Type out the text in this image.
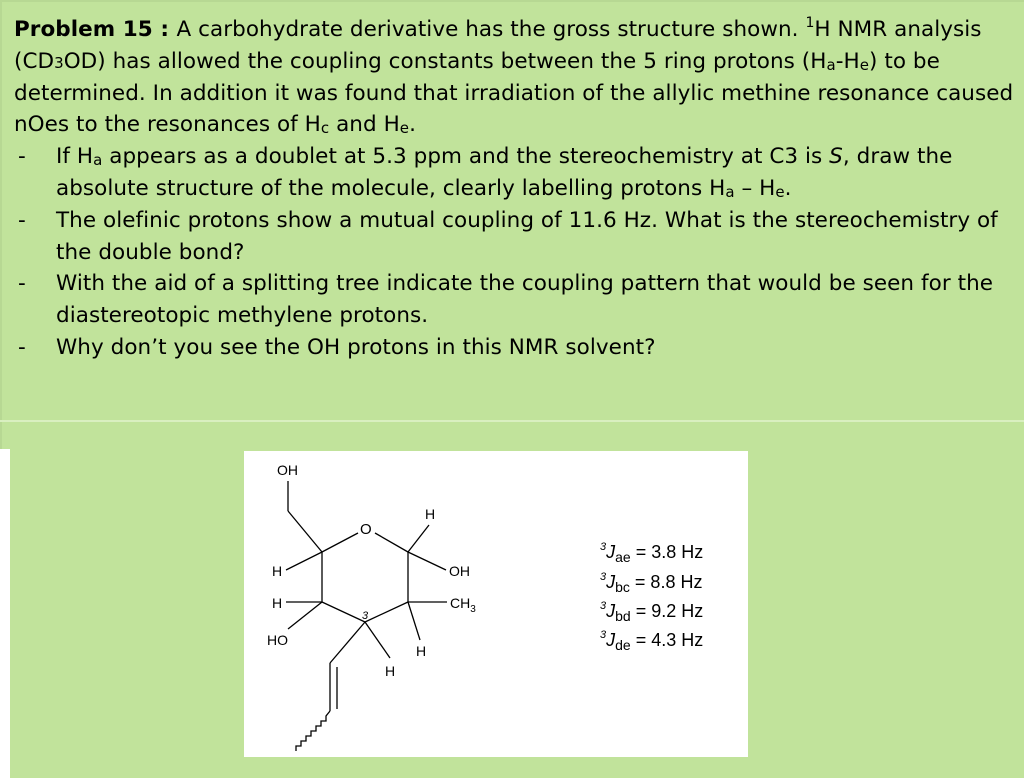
Problem 15 : A carbohydrate derivative has the gross structure shown. $^1$H NMR analysis (CD3OD) has allowed the coupling constants between the 5 ring protons $(H_a-H_e)$ to be determined. In addition it was found that irradiation of the allylic methine resonance caused nOes to the resonances of $H_c$ and $H_e$.

- If $H_a$ appears as a doublet at 5.3 ppm and the stereochemistry at C3 is S, draw the absolute structure of the molecule, clearly labelling protons $H_a - H_e$.
- The olefinic protons show a mutual coupling of 11.6 Hz. What is the stereochemistry of the double bond?
- With the aid of a splitting tree indicate the coupling pattern that would be seen for the diastereotopic methylene protons.
- Why don’t you see the OH protons in this NMR solvent?
OH
O
H
H	OH
H	$CH_3$
3
HO
H
H
$^3J_{ae} = 3.8$ Hz
$^3J_{bc} = 8.8$ Hz
$^3J_{bd} = 9.2$ Hz
$^3J_{de} = 4.3$ Hz
